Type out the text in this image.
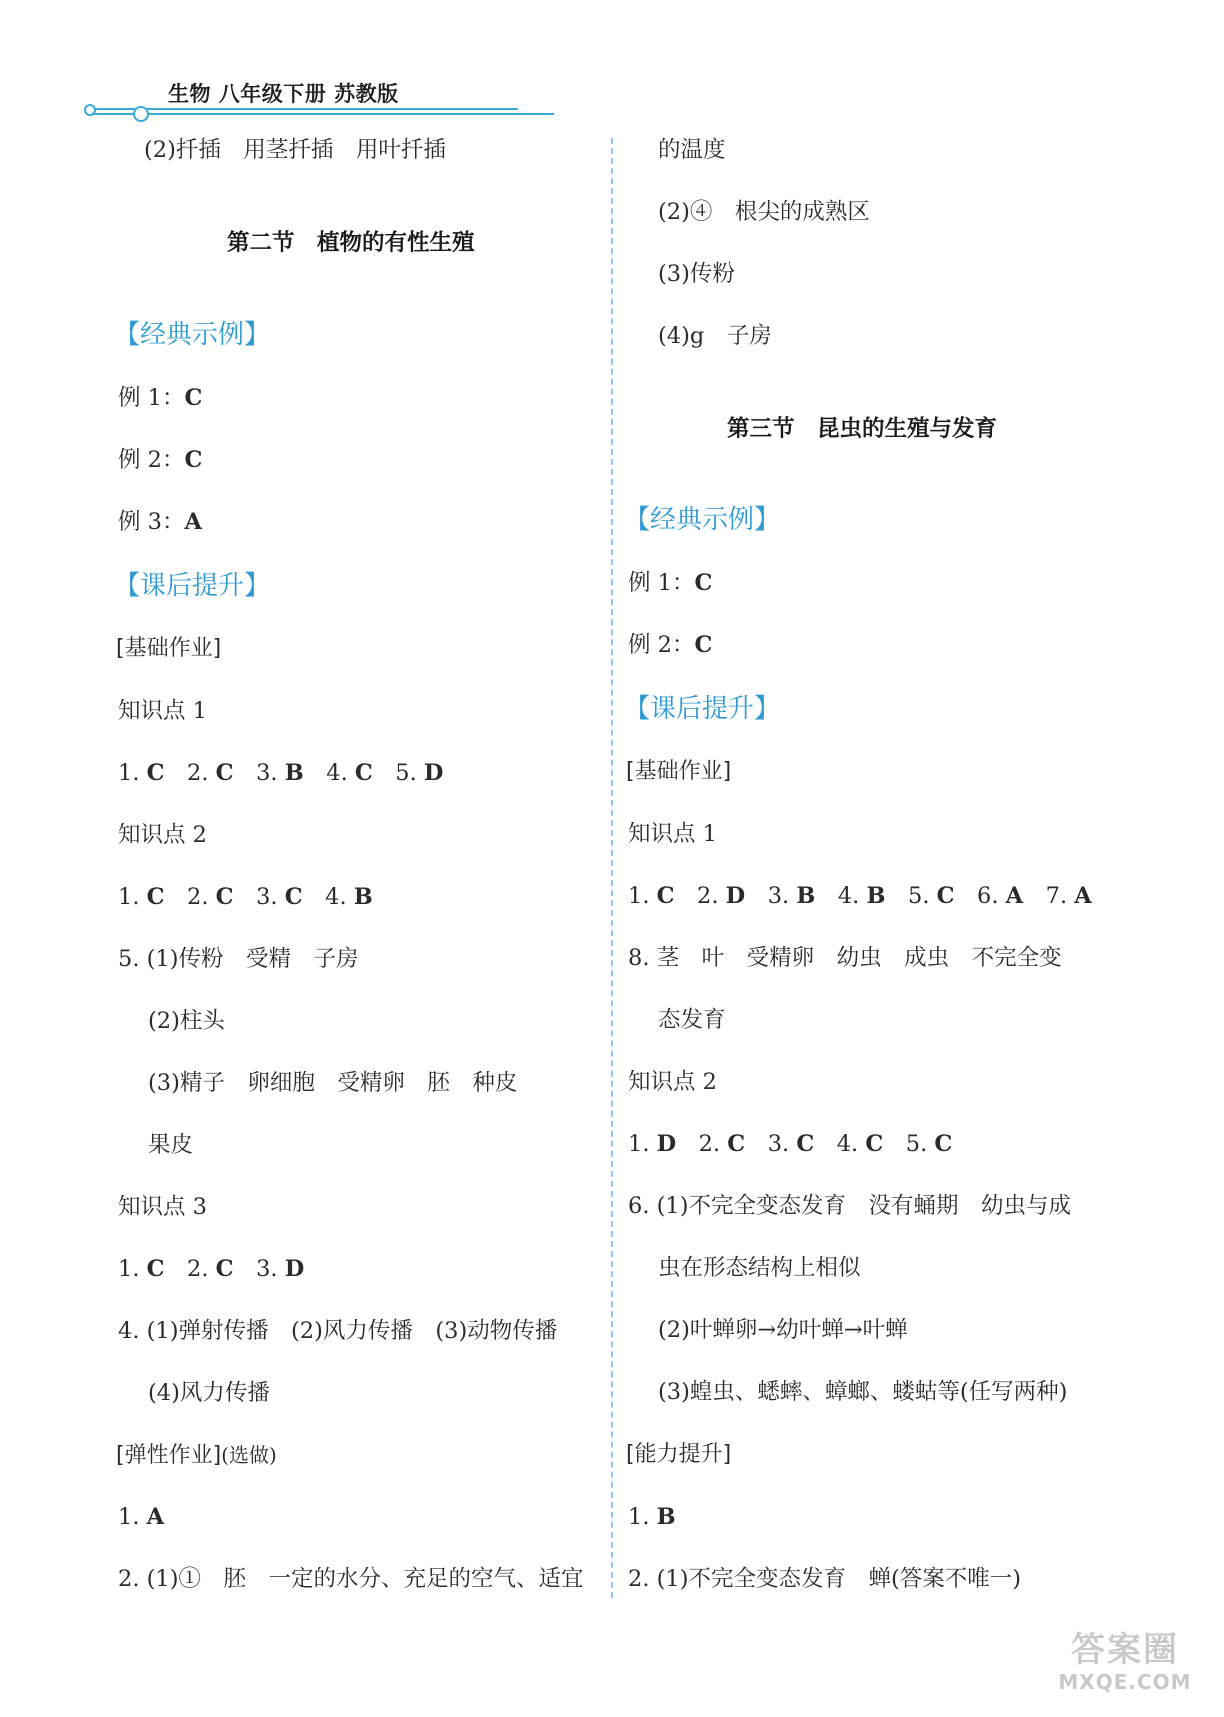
生物 八年级下册 苏教版
(2)扦插　用茎扦插　用叶扦插
第二节　植物的有性生殖
【经典示例】
例 1：C
例 2：C
例 3：A
【课后提升】
[基础作业]
知识点 1
1. C　2. C　3. B　4. C　5. D
知识点 2
1. C　2. C　3. C　4. B
5. (1)传粉　受精　子房
(2)柱头
(3)精子　卵细胞　受精卵　胚　种皮
果皮
知识点 3
1. C　2. C　3. D
4. (1)弹射传播　(2)风力传播　(3)动物传播
(4)风力传播
[弹性作业](选做)
1. A
2. (1)①　胚　一定的水分、充足的空气、适宜
的温度
(2)④　根尖的成熟区
(3)传粉
(4)g　子房
第三节　昆虫的生殖与发育
【经典示例】
例 1：C
例 2：C
【课后提升】
[基础作业]
知识点 1
1. C　2. D　3. B　4. B　5. C　6. A　7. A
8. 茎　叶　受精卵　幼虫　成虫　不完全变
态发育
知识点 2
1. D　2. C　3. C　4. C　5. C
6. (1)不完全变态发育　没有蛹期　幼虫与成
虫在形态结构上相似
(2)叶蝉卵→幼叶蝉→叶蝉
(3)蝗虫、蟋蟀、蟑螂、蝼蛄等(任写两种)
[能力提升]
1. B
2. (1)不完全变态发育　蝉(答案不唯一)
答案圈
MXQE.COM
